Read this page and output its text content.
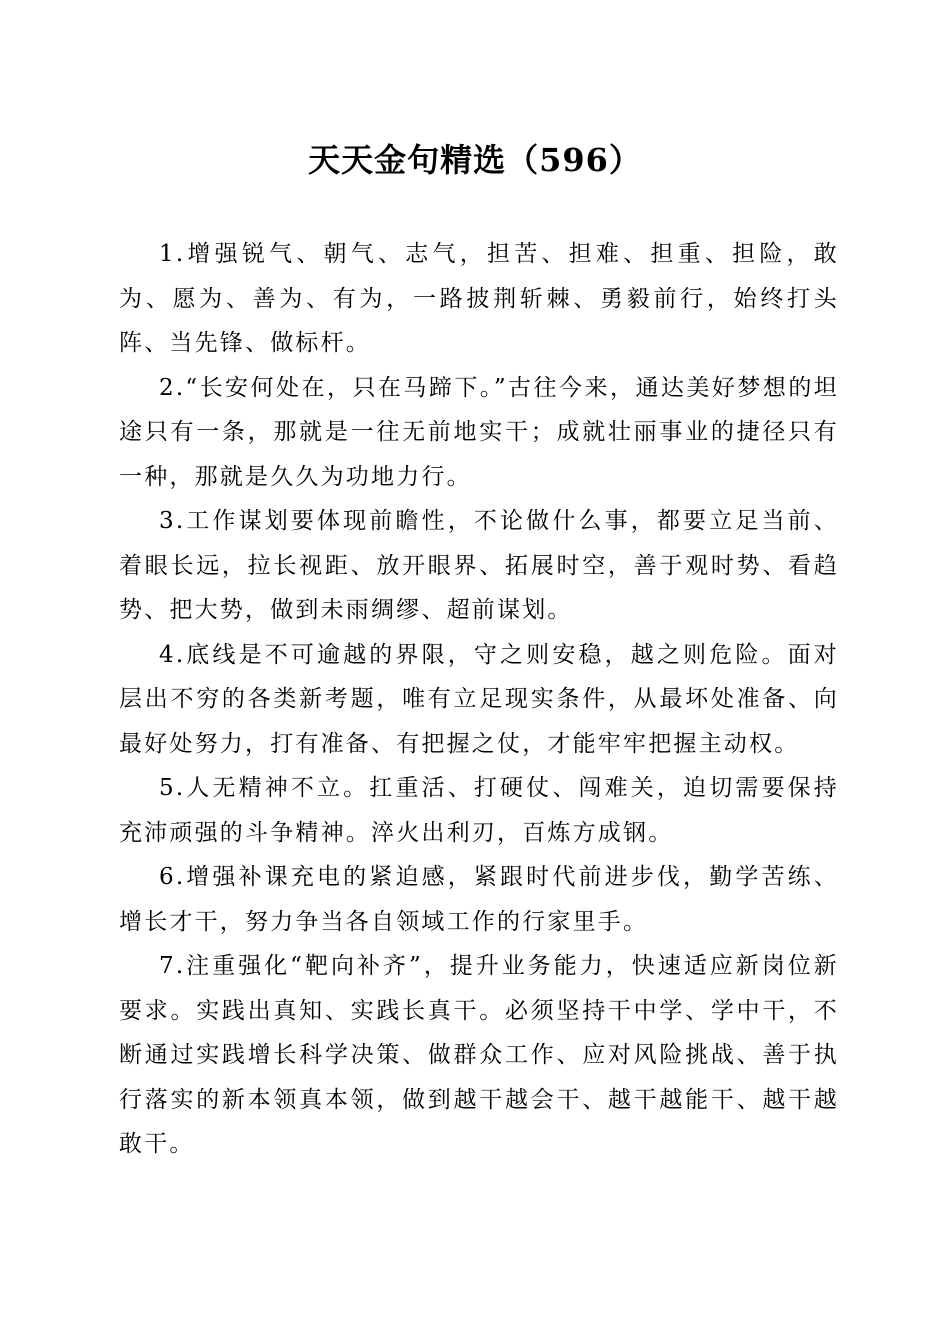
天天金句精选（596）

1.增强锐气、朝气、志气，担苦、担难、担重、担险，敢为、愿为、善为、有为，一路披荆斩棘、勇毅前行，始终打头阵、当先锋、做标杆。

2.“长安何处在，只在马蹄下。”古往今来，通达美好梦想的坦途只有一条，那就是一往无前地实干；成就壮丽事业的捷径只有一种，那就是久久为功地力行。

3.工作谋划要体现前瞻性，不论做什么事，都要立足当前、着眼长远，拉长视距、放开眼界、拓展时空，善于观时势、看趋势、把大势，做到未雨绸缪、超前谋划。

4.底线是不可逾越的界限，守之则安稳，越之则危险。面对层出不穷的各类新考题，唯有立足现实条件，从最坏处准备、向最好处努力，打有准备、有把握之仗，才能牢牢把握主动权。

5.人无精神不立。扛重活、打硬仗、闯难关，迫切需要保持充沛顽强的斗争精神。淬火出利刃，百炼方成钢。

6.增强补课充电的紧迫感，紧跟时代前进步伐，勤学苦练、增长才干，努力争当各自领域工作的行家里手。

7.注重强化“靶向补齐”，提升业务能力，快速适应新岗位新要求。实践出真知、实践长真干。必须坚持干中学、学中干，不断通过实践增长科学决策、做群众工作、应对风险挑战、善于执行落实的新本领真本领，做到越干越会干、越干越能干、越干越敢干。
